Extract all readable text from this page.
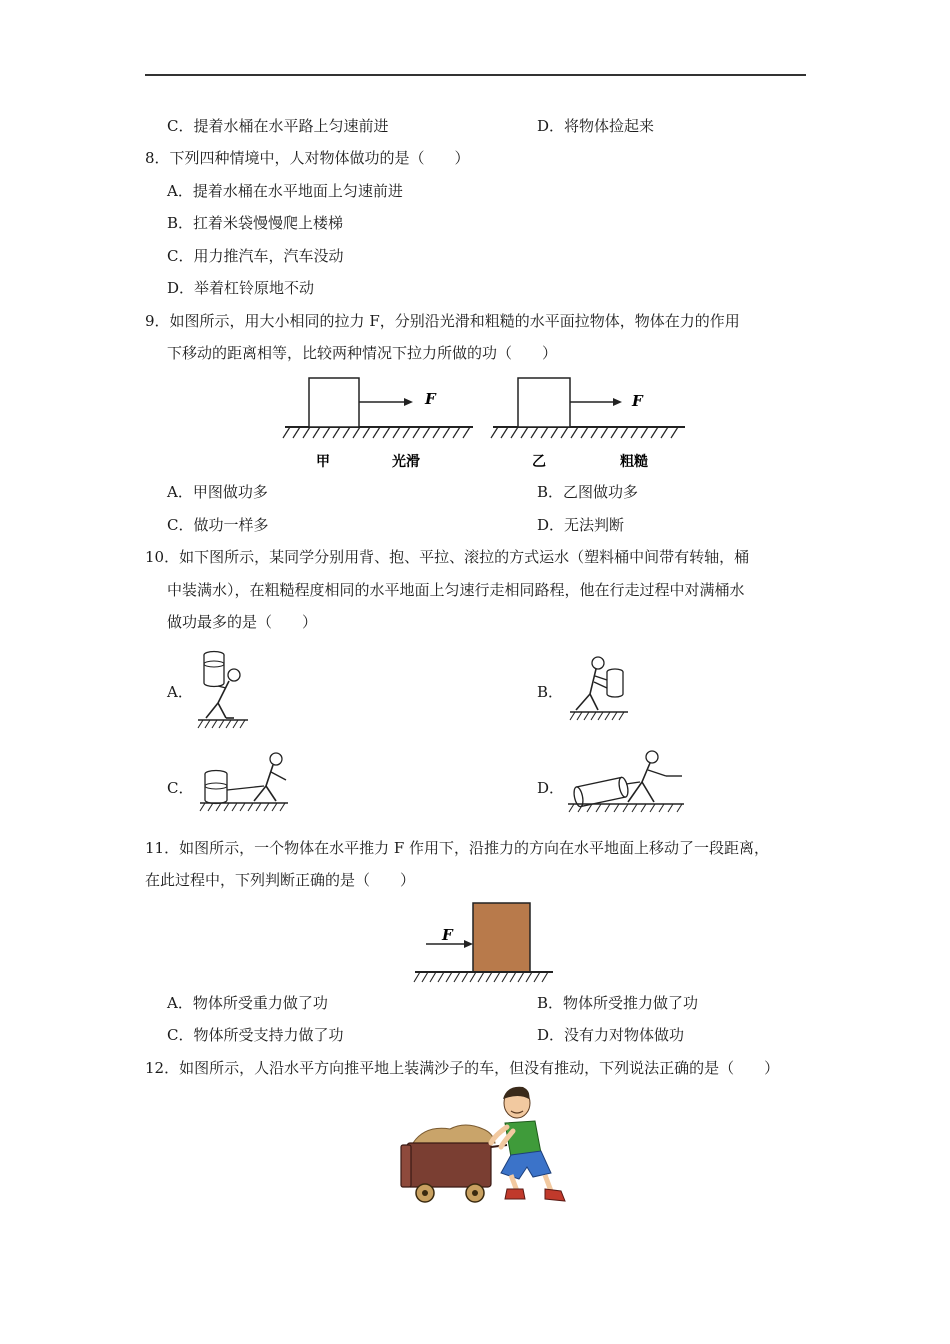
C．提着水桶在水平路上匀速前进	D．将物体捡起来
8．下列四种情境中，人对物体做功的是（　　）
A．提着水桶在水平地面上匀速前进
B．扛着米袋慢慢爬上楼梯
C．用力推汽车，汽车没动
D．举着杠铃原地不动
9．如图所示，用大小相同的拉力 F，分别沿光滑和粗糙的水平面拉物体，物体在力的作用
下移动的距离相等，比较两种情况下拉力所做的功（　　）
F
甲	光滑
F
乙	粗糙
A．甲图做功多	B．乙图做功多
C．做功一样多	D．无法判断
10．如下图所示，某同学分别用背、抱、平拉、滚拉的方式运水（塑料桶中间带有转轴，桶
中装满水），在粗糙程度相同的水平地面上匀速行走相同路程，他在行走过程中对满桶水
做功最多的是（　　）
A．	B．
C．	D．
11．如图所示，一个物体在水平推力 F 作用下，沿推力的方向在水平地面上移动了一段距离，
在此过程中，下列判断正确的是（　　）
F
A．物体所受重力做了功	B．物体所受推力做了功
C．物体所受支持力做了功	D．没有力对物体做功
12．如图所示，人沿水平方向推平地上装满沙子的车，但没有推动，下列说法正确的是（　　）
